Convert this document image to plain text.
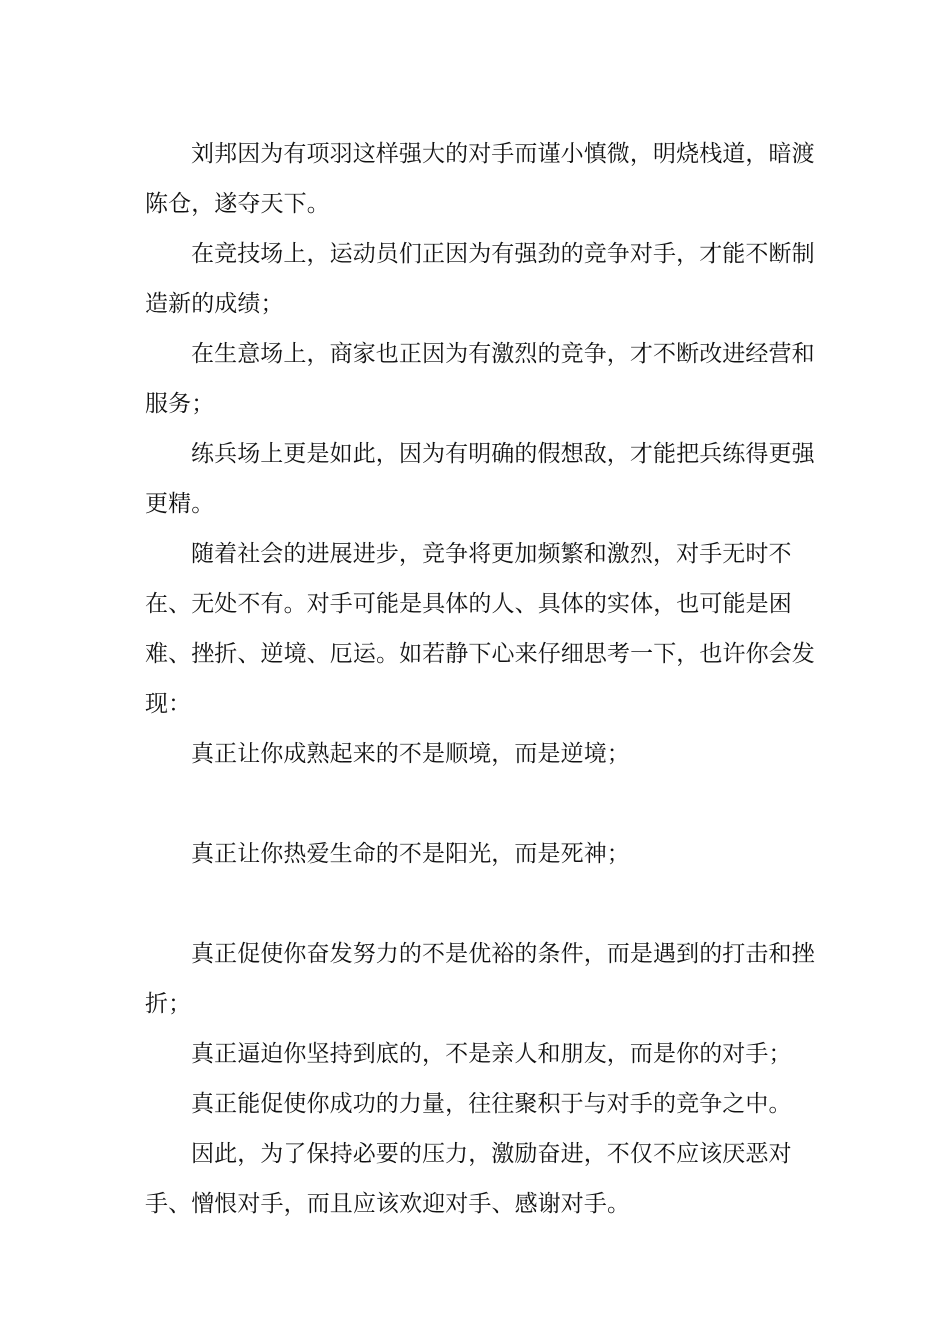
刘邦因为有项羽这样强大的对手而谨小慎微，明烧栈道，暗渡陈仓，遂夺天下。

在竞技场上，运动员们正因为有强劲的竞争对手，才能不断制造新的成绩；

在生意场上，商家也正因为有激烈的竞争，才不断改进经营和服务；

练兵场上更是如此，因为有明确的假想敌，才能把兵练得更强更精。

随着社会的进展进步，竞争将更加频繁和激烈，对手无时不在、无处不有。对手可能是具体的人、具体的实体，也可能是困难、挫折、逆境、厄运。如若静下心来仔细思考一下，也许你会发现：

真正让你成熟起来的不是顺境，而是逆境；

真正让你热爱生命的不是阳光，而是死神；

真正促使你奋发努力的不是优裕的条件，而是遇到的打击和挫折；

真正逼迫你坚持到底的，不是亲人和朋友，而是你的对手；

真正能促使你成功的力量，往往聚积于与对手的竞争之中。

因此，为了保持必要的压力，激励奋进，不仅不应该厌恶对手、憎恨对手，而且应该欢迎对手、感谢对手。
